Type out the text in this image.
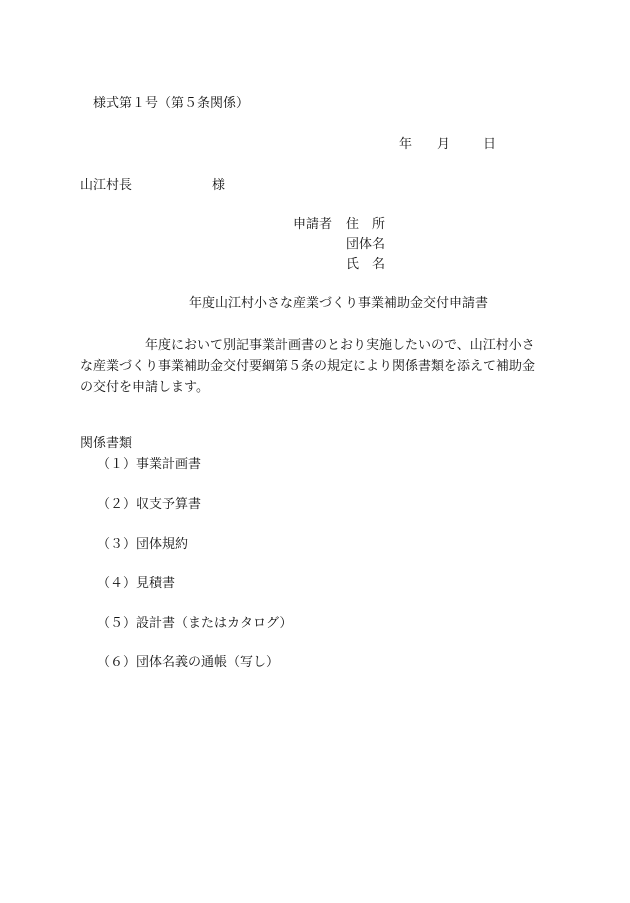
様式第１号（第５条関係）
年 月	日
山江村長	様
申請者 住　所
団体名
氏　名
年度山江村小さな産業づくり事業補助金交付申請書
年度において別記事業計画書のとおり実施したいので、山江村小さ
な産業づくり事業補助金交付要綱第５条の規定により関係書類を添えて補助金
の交付を申請します。
関係書類
（１）事業計画書
（２）収支予算書
（３）団体規約
（４）見積書
（５）設計書（またはカタログ）
（６）団体名義の通帳（写し）
